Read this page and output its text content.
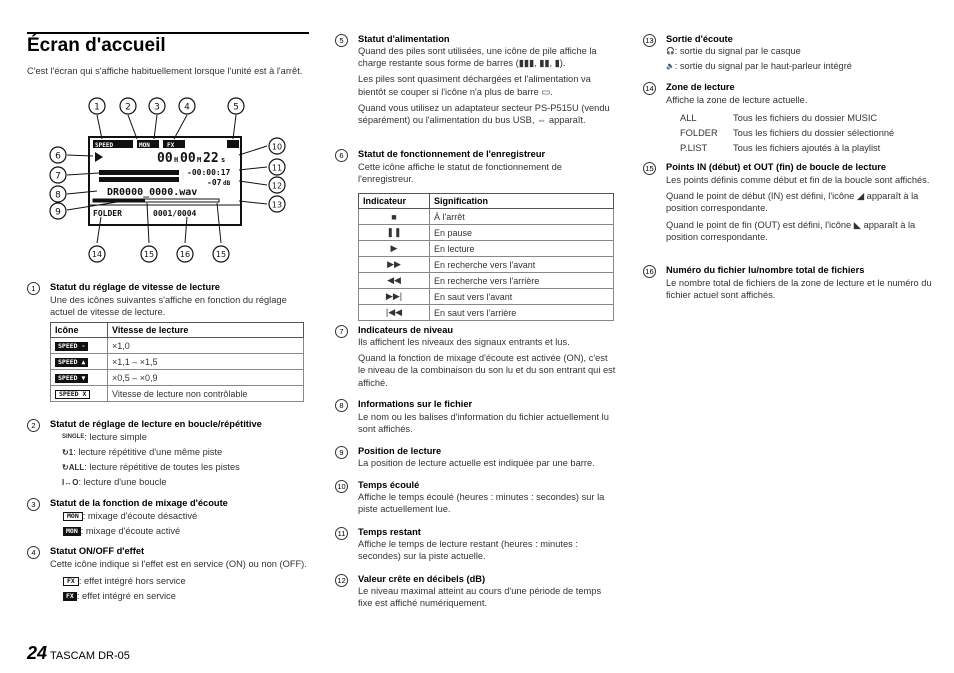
Écran d'accueil
C'est l'écran qui s'affiche habituellement lorsque l'unité est à l'arrêt.
1	2	3	4	5
6
7
8
9
10
11
12
13
14	15	16	15
SPEED	MON	FX
00 H 00 M 22 s
-00:00:17
-07 dB
DR0000_0000.wav
FOLDER	0001/0004
1	Statut du réglage de vitesse de lecture

Une des icônes suivantes s'affiche en fonction du réglage actuel de vitesse de lecture.

Icône	Vitesse de lecture
SPEED -	×1,0
SPEED ▲	×1,1 – ×1,5
SPEED ▼	×0,5 – ×0,9
SPEED X	Vitesse de lecture non contrôlable
2	Statut de réglage de lecture en boucle/répétitive
SINGLE: lecture simple
↻1: lecture répétitive d'une même piste
↻ALL: lecture répétitive de toutes les pistes
I↔O: lecture d'une boucle
3	Statut de la fonction de mixage d'écoute
MON : mixage d'écoute désactivé
MON : mixage d'écoute activé
4	Statut ON/OFF d'effet

Cette icône indique si l'effet est en service (ON) ou non (OFF).

FX : effet intégré hors service
FX : effet intégré en service
5	Statut d'alimentation

Quand des piles sont utilisées, une icône de pile affiche la charge restante sous forme de barres (▮▮▮, ▮▮, ▮).

Les piles sont quasiment déchargées et l'alimentation va bientôt se couper si l'icône n'a plus de barre ▭.

Quand vous utilisez un adaptateur secteur PS-P515U (vendu séparément) ou l'alimentation du bus USB, ⇔ apparaît.

6	Statut de fonctionnement de l'enregistreur

Cette icône affiche le statut de fonctionnement de l'enregistreur.

Indicateur	Signification
■	À l'arrêt
❚❚	En pause
▶	En lecture
▶▶	En recherche vers l'avant
◀◀	En recherche vers l'arrière
▶▶|	En saut vers l'avant
|◀◀	En saut vers l'arrière
7	Indicateurs de niveau

Ils affichent les niveaux des signaux entrants et lus.

Quand la fonction de mixage d'écoute est activée (ON), c'est le niveau de la combinaison du son lu et du son entrant qui est affiché.

8	Informations sur le fichier

Le nom ou les balises d'information du fichier actuellement lu sont affichés.

9	Position de lecture

La position de lecture actuelle est indiquée par une barre.

10 Temps écoulé

Affiche le temps écoulé (heures : minutes : secondes) sur la piste actuellement lue.

11 Temps restant

Affiche le temps de lecture restant (heures : minutes : secondes) sur la piste actuelle.

12 Valeur crête en décibels (dB)

Le niveau maximal atteint au cours d'une période de temps fixe est affiché numériquement.

13 Sortie d'écoute
🎧: sortie du signal par le casque
🔈: sortie du signal par le haut-parleur intégré
14 Zone de lecture

Affiche la zone de lecture actuelle.

ALL	Tous les fichiers du dossier MUSIC
FOLDER	Tous les fichiers du dossier sélectionné
P.LIST	Tous les fichiers ajoutés à la playlist
15 Points IN (début) et OUT (fin) de boucle de lecture

Les points définis comme début et fin de la boucle sont affichés.

Quand le point de début (IN) est défini, l'icône ◢ apparaît à la position correspondante.

Quand le point de fin (OUT) est défini, l'icône ◣ apparaît à la position correspondante.

16 Numéro du fichier lu/nombre total de fichiers

Le nombre total de fichiers de la zone de lecture et le numéro du fichier actuel sont affichés.

24 TASCAM DR-05
